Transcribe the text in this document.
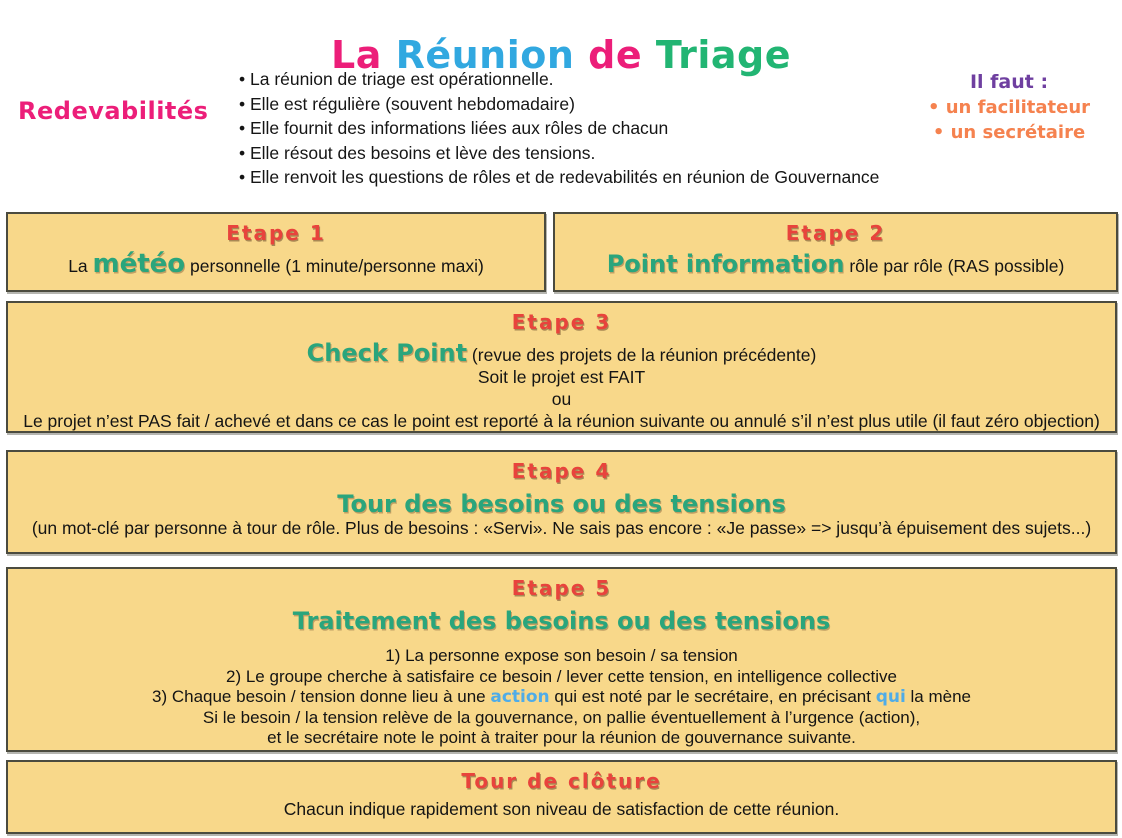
La Réunion de Triage
Redevabilités
• La réunion de triage est opérationnelle.
• Elle est régulière (souvent hebdomadaire)
• Elle fournit des informations liées aux rôles de chacun
• Elle résout des besoins et lève des tensions.
• Elle renvoit les questions de rôles et de redevabilités en réunion de Gouvernance
Il faut :
• un facilitateur
• un secrétaire
Etape 1
La météo personnelle (1 minute/personne maxi)
Etape 2
Point information rôle par rôle (RAS possible)
Etape 3
Check Point (revue des projets de la réunion précédente)
Soit le projet est FAIT
ou
Le projet n’est PAS fait / achevé et dans ce cas le point est reporté à la réunion suivante ou annulé s’il n’est plus utile (il faut zéro objection)
Etape 4
Tour des besoins ou des tensions
(un mot-clé par personne à tour de rôle. Plus de besoins : «Servi». Ne sais pas encore : «Je passe» => jusqu’à épuisement des sujets...)
Etape 5
Traitement des besoins ou des tensions
1) La personne expose son besoin / sa tension
2) Le groupe cherche à satisfaire ce besoin / lever cette tension, en intelligence collective
3) Chaque besoin / tension donne lieu à une action qui est noté par le secrétaire, en précisant qui la mène
Si le besoin / la tension relève de la gouvernance, on pallie éventuellement à l’urgence (action),
et le secrétaire note le point à traiter pour la réunion de gouvernance suivante.
Tour de clôture
Chacun indique rapidement son niveau de satisfaction de cette réunion.
